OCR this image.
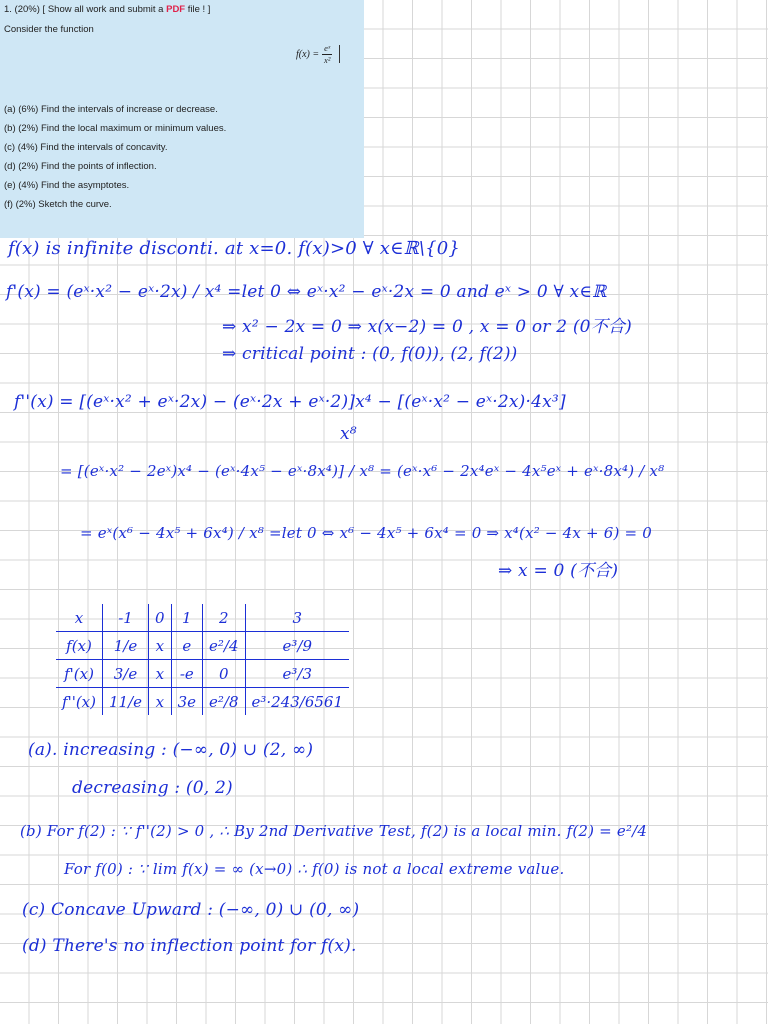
1. (20%) [ Show all work and submit a PDF file ! ]
Consider the function
$f(x) = \frac{\text{eˣ}}{\text{x²}}$
(a) (6%) Find the intervals of increase or decrease.
(b) (2%) Find the local maximum or minimum values.
(c) (4%) Find the intervals of concavity.
(d) (2%) Find the points of inflection.
(e) (4%) Find the asymptotes.
(f) (2%) Sketch the curve.
f(x) is infinite disconti. at x=0. f(x)>0 ∀ x∈ℝ\{0}
f'(x) = (eˣ·x² − eˣ·2x) / x⁴ =let 0 ⇔ eˣ·x² − eˣ·2x = 0 and eˣ > 0 ∀ x∈ℝ
⇒ x² − 2x = 0 ⇒ x(x−2) = 0 , x = 0 or 2 (0不合)
⇒ critical point : (0, f(0)), (2, f(2))
f''(x) = [(eˣ·x² + eˣ·2x) − (eˣ·2x + eˣ·2)]x⁴ − [(eˣ·x² − eˣ·2x)·4x³]
x⁸
= [(eˣ·x² − 2eˣ)x⁴ − (eˣ·4x⁵ − eˣ·8x⁴)] / x⁸ = (eˣ·x⁶ − 2x⁴eˣ − 4x⁵eˣ + eˣ·8x⁴) / x⁸
= eˣ(x⁶ − 4x⁵ + 6x⁴) / x⁸ =let 0 ⇔ x⁶ − 4x⁵ + 6x⁴ = 0 ⇒ x⁴(x² − 4x + 6) = 0
⇒ x = 0 (不合)
x	-1	0	1	2	3
f(x)	1/e	x	e	e²/4	e³/9
f'(x)	3/e	x	-e	0	e³/3
f''(x)	11/e	x	3e	e²/8	e³·243/6561
(a). increasing : (−∞, 0) ∪ (2, ∞)
decreasing : (0, 2)
(b) For f(2) : ∵ f''(2) > 0 , ∴ By 2nd Derivative Test, f(2) is a local min. f(2) = e²/4
For f(0) : ∵ lim f(x) = ∞ (x→0) ∴ f(0) is not a local extreme value.
(c) Concave Upward : (−∞, 0) ∪ (0, ∞)
(d) There's no inflection point for f(x).
